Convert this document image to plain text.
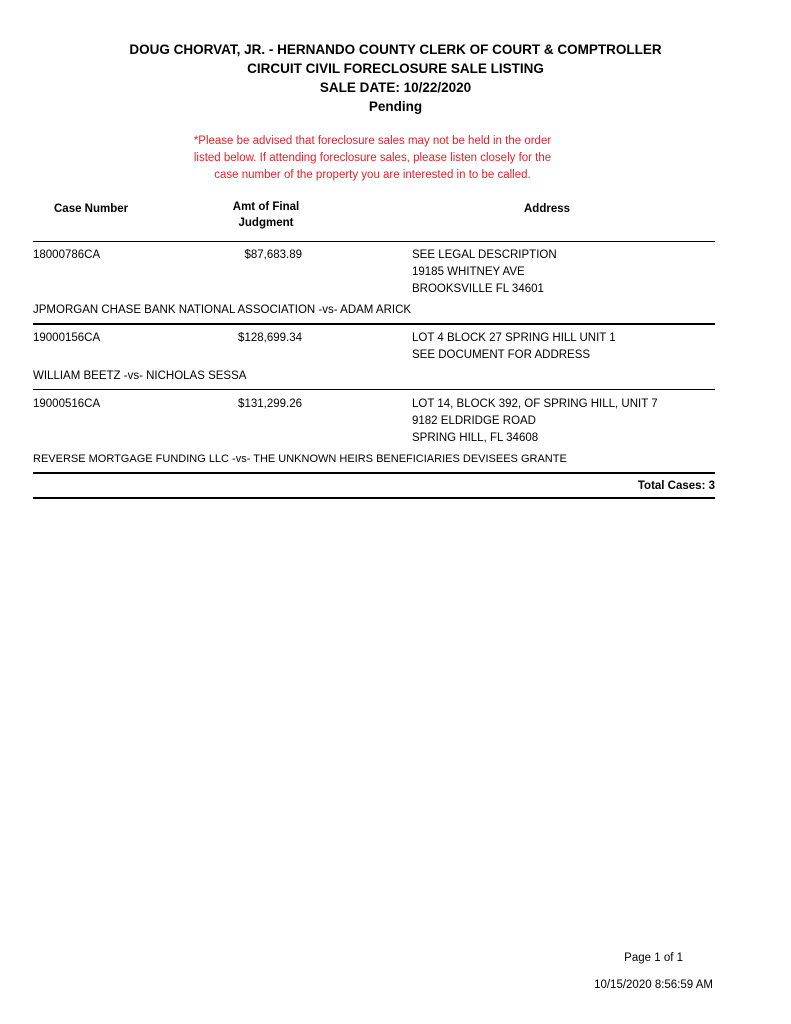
DOUG CHORVAT, JR. - HERNANDO COUNTY CLERK OF COURT & COMPTROLLER
CIRCUIT CIVIL FORECLOSURE SALE LISTING
SALE DATE: 10/22/2020
Pending
*Please be advised that foreclosure sales may not be held in the order
listed below. If attending foreclosure sales, please listen closely for the
case number of the property you are interested in to be called.
Case Number	Amt of Final
Judgment
Address
18000786CA	$87,683.89	SEE LEGAL DESCRIPTION
19185 WHITNEY AVE
BROOKSVILLE FL 34601
JPMORGAN CHASE BANK NATIONAL ASSOCIATION -vs- ADAM ARICK
19000156CA	$128,699.34	LOT 4 BLOCK 27 SPRING HILL UNIT 1
SEE DOCUMENT FOR ADDRESS
WILLIAM BEETZ -vs- NICHOLAS SESSA
19000516CA	$131,299.26	LOT 14, BLOCK 392, OF SPRING HILL, UNIT 7
9182 ELDRIDGE ROAD
SPRING HILL, FL 34608
REVERSE MORTGAGE FUNDING LLC -vs- THE UNKNOWN HEIRS BENEFICIARIES DEVISEES GRANTE
Total Cases: 3
Page 1 of 1
10/15/2020 8:56:59 AM
